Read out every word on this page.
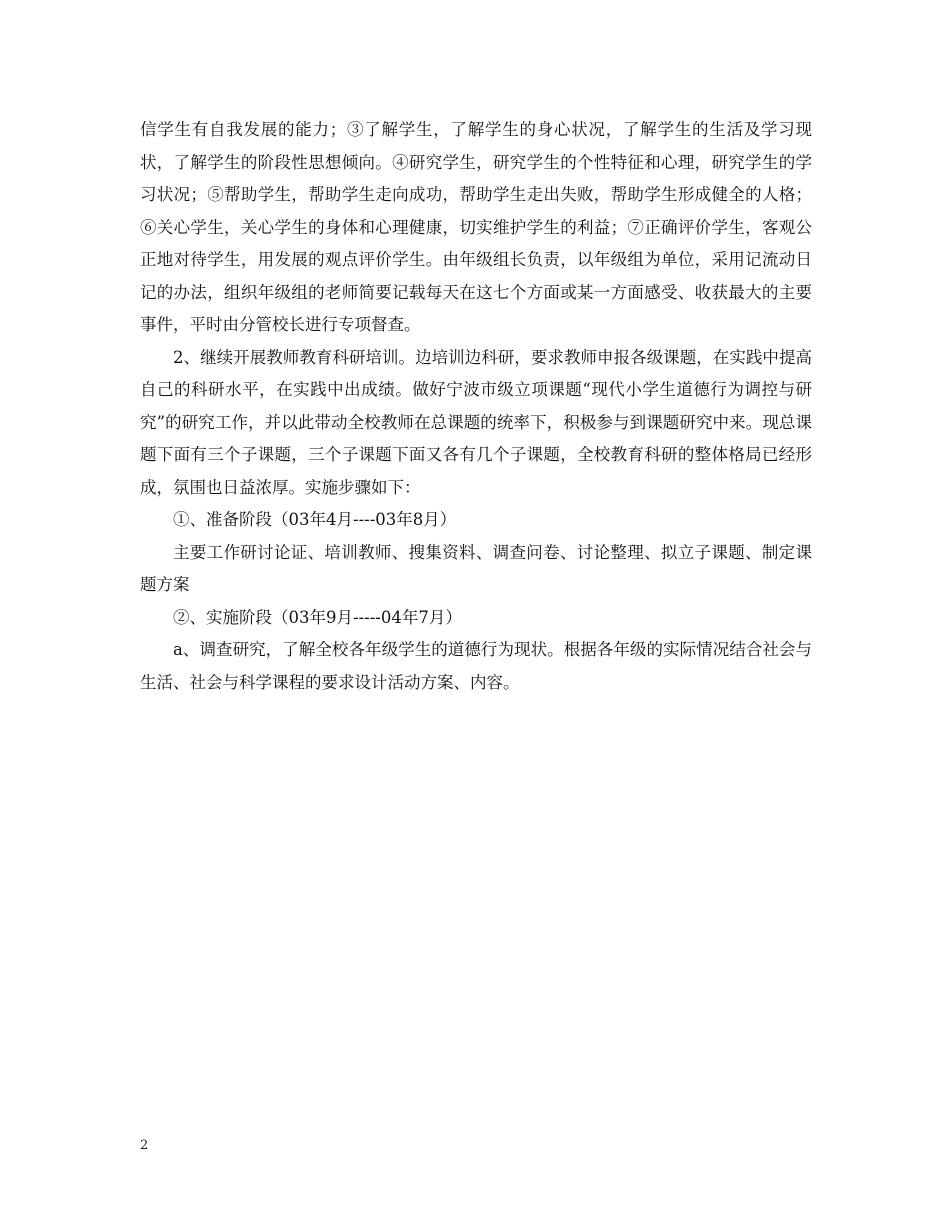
信学生有自我发展的能力；③了解学生，了解学生的身心状况，了解学生的生活及学习现状，了解学生的阶段性思想倾向。④研究学生，研究学生的个性特征和心理，研究学生的学习状况；⑤帮助学生，帮助学生走向成功，帮助学生走出失败，帮助学生形成健全的人格；⑥关心学生，关心学生的身体和心理健康，切实维护学生的利益；⑦正确评价学生，客观公正地对待学生，用发展的观点评价学生。由年级组长负责，以年级组为单位，采用记流动日记的办法，组织年级组的老师简要记载每天在这七个方面或某一方面感受、收获最大的主要事件，平时由分管校长进行专项督查。

2、继续开展教师教育科研培训。边培训边科研，要求教师申报各级课题，在实践中提高自己的科研水平，在实践中出成绩。做好宁波市级立项课题“现代小学生道德行为调控与研究”的研究工作，并以此带动全校教师在总课题的统率下，积极参与到课题研究中来。现总课题下面有三个子课题，三个子课题下面又各有几个子课题，全校教育科研的整体格局已经形成，氛围也日益浓厚。实施步骤如下：

①、准备阶段（03年4月----03年8月）

主要工作研讨论证、培训教师、搜集资料、调查问卷、讨论整理、拟立子课题、制定课题方案

②、实施阶段（03年9月-----04年7月）

a、调查研究，了解全校各年级学生的道德行为现状。根据各年级的实际情况结合社会与生活、社会与科学课程的要求设计活动方案、内容。

2
